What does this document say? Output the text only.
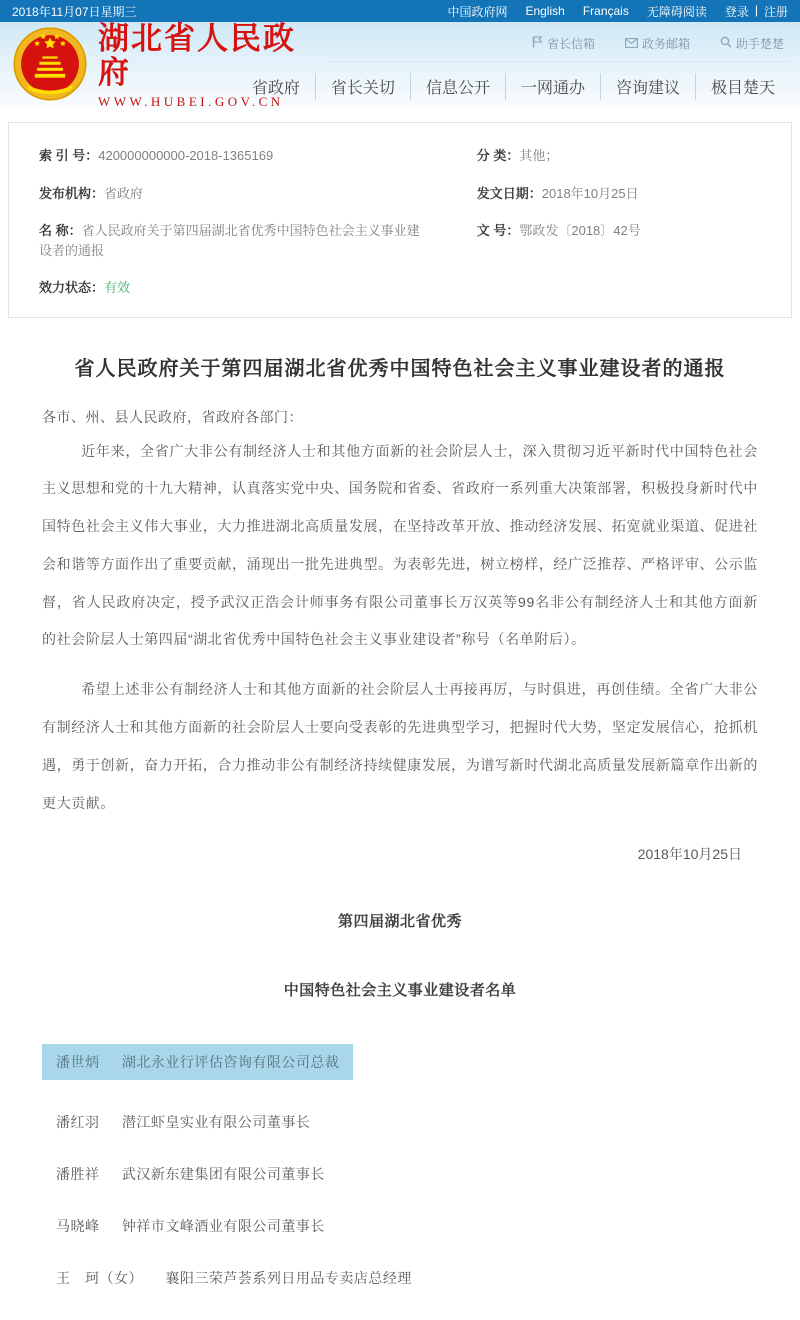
2018年11月07日星期三	中国政府网 English Français 无障碍阅读 登录 | 注册
湖北省人民政府
WWW.HUBEI.GOV.CN
省长信箱	政务邮箱	助手楚楚
省政府	省长关切	信息公开	一网通办	咨询建议	极目楚天
索 引 号：420000000000-2018-1365169
发布机构：省政府
名 称：省人民政府关于第四届湖北省优秀中国特色社会主义事业建设者的通报
效力状态：有效
分 类：其他；
发文日期：2018年10月25日
文 号：鄂政发〔2018〕42号
省人民政府关于第四届湖北省优秀中国特色社会主义事业建设者的通报
各市、州、县人民政府，省政府各部门：

近年来，全省广大非公有制经济人士和其他方面新的社会阶层人士，深入贯彻习近平新时代中国特色社会主义思想和党的十九大精神，认真落实党中央、国务院和省委、省政府一系列重大决策部署，积极投身新时代中国特色社会主义伟大事业，大力推进湖北高质量发展，在坚持改革开放、推动经济发展、拓宽就业渠道、促进社会和谐等方面作出了重要贡献，涌现出一批先进典型。为表彰先进，树立榜样，经广泛推荐、严格评审、公示监督，省人民政府决定，授予武汉正浩会计师事务有限公司董事长万汉英等99名非公有制经济人士和其他方面新的社会阶层人士第四届“湖北省优秀中国特色社会主义事业建设者”称号（名单附后）。

希望上述非公有制经济人士和其他方面新的社会阶层人士再接再厉，与时俱进，再创佳绩。全省广大非公有制经济人士和其他方面新的社会阶层人士要向受表彰的先进典型学习，把握时代大势，坚定发展信心，抢抓机遇，勇于创新，奋力开拓，合力推动非公有制经济持续健康发展，为谱写新时代湖北高质量发展新篇章作出新的更大贡献。

2018年10月25日
第四届湖北省优秀
中国特色社会主义事业建设者名单
潘世炳 湖北永业行评估咨询有限公司总裁
潘红羽 潜江虾皇实业有限公司董事长
潘胜祥 武汉新东建集团有限公司董事长
马晓峰 钟祥市文峰酒业有限公司董事长
王　珂（女） 襄阳三荣芦荟系列日用品专卖店总经理
